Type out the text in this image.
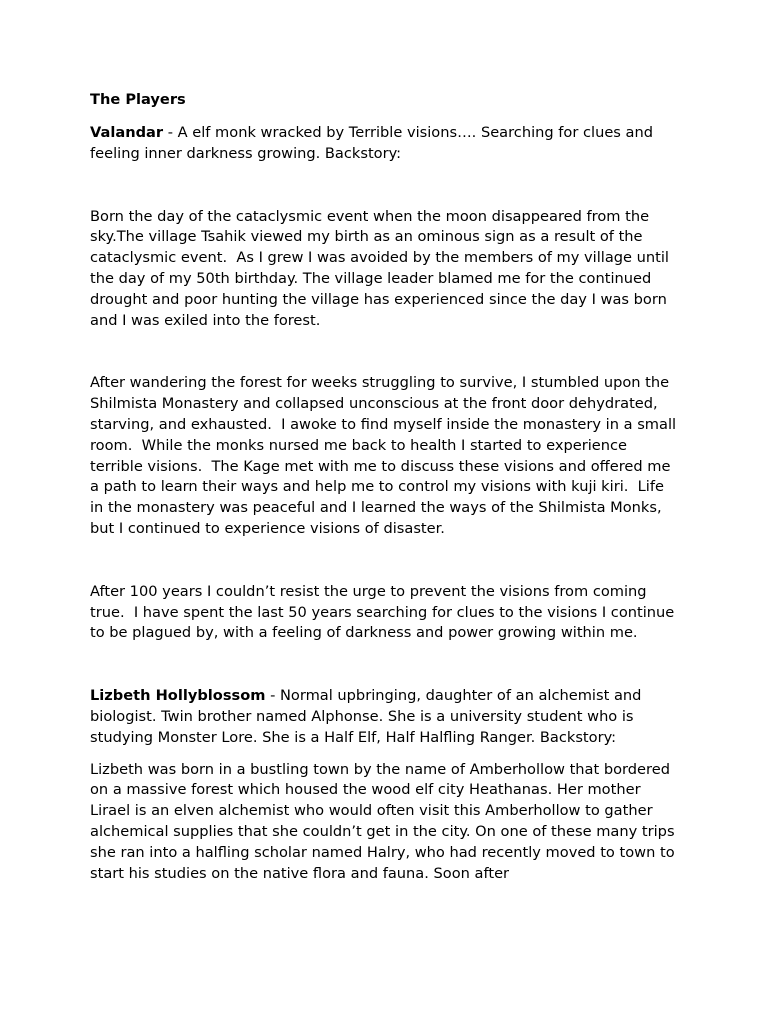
The Players

Valandar - A elf monk wracked by Terrible visions…. Searching for clues and feeling inner darkness growing. Backstory:

Born the day of the cataclysmic event when the moon disappeared from the sky.The village Tsahik viewed my birth as an ominous sign as a result of the cataclysmic event.  As I grew I was avoided by the members of my village until the day of my 50th birthday. The village leader blamed me for the continued drought and poor hunting the village has experienced since the day I was born and I was exiled into the forest.

After wandering the forest for weeks struggling to survive, I stumbled upon the Shilmista Monastery and collapsed unconscious at the front door dehydrated, starving, and exhausted.  I awoke to find myself inside the monastery in a small room.  While the monks nursed me back to health I started to experience terrible visions.  The Kage met with me to discuss these visions and offered me a path to learn their ways and help me to control my visions with kuji kiri.  Life in the monastery was peaceful and I learned the ways of the Shilmista Monks, but I continued to experience visions of disaster.

After 100 years I couldn’t resist the urge to prevent the visions from coming true.  I have spent the last 50 years searching for clues to the visions I continue to be plagued by, with a feeling of darkness and power growing within me.

Lizbeth Hollyblossom - Normal upbringing, daughter of an alchemist and biologist. Twin brother named Alphonse. She is a university student who is studying Monster Lore. She is a Half Elf, Half Halfling Ranger. Backstory:

Lizbeth was born in a bustling town by the name of Amberhollow that bordered on a massive forest which housed the wood elf city Heathanas. Her mother Lirael is an elven alchemist who would often visit this Amberhollow to gather alchemical supplies that she couldn’t get in the city. On one of these many trips she ran into a halfling scholar named Halry, who had recently moved to town to start his studies on the native flora and fauna. Soon after
